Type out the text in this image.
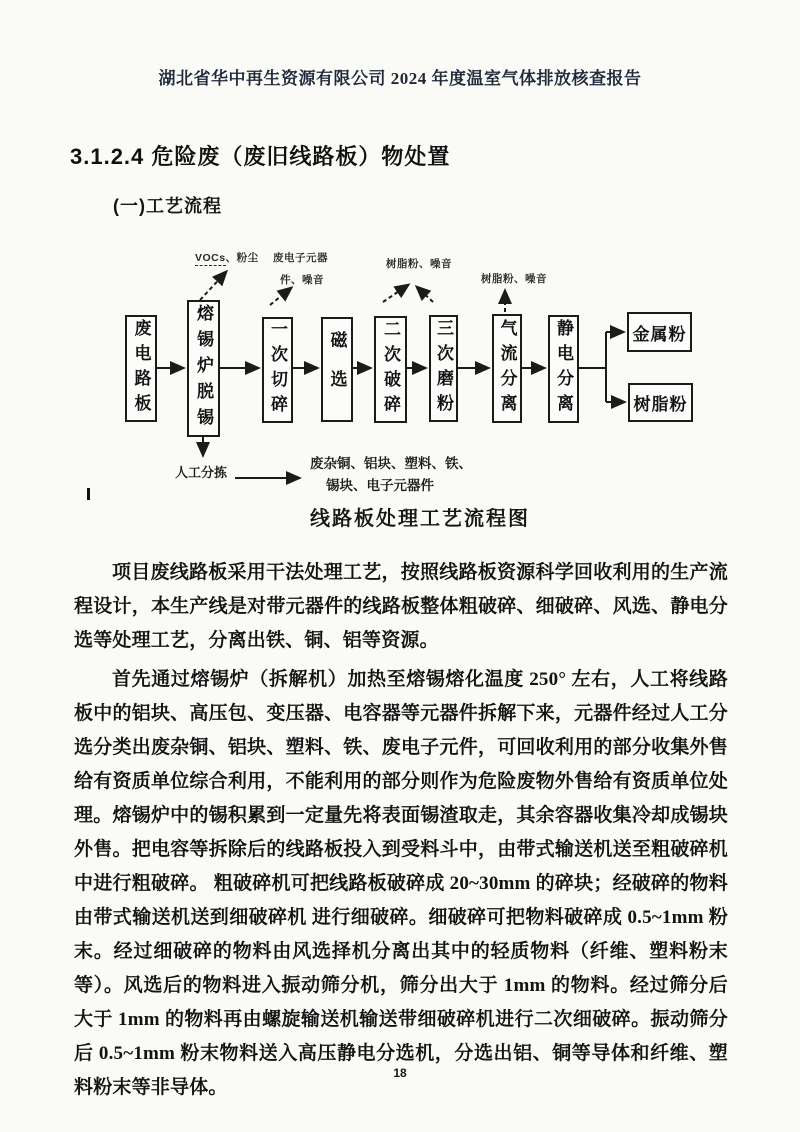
湖北省华中再生资源有限公司 2024 年度温室气体排放核查报告
3.1.2.4 危险废（废旧线路板）物处置
(一)工艺流程
废电路板	熔锡炉脱锡	一次切碎 磁选 二次破碎 三次磨粉	气流分离 静电分离	金属粉
树脂粉
VOCs、粉尘 废电子元器
件、噪音
树脂粉、噪音
树脂粉、噪音
人工分拣
废杂铜、铝块、塑料、铁、
锡块、电子元器件
线路板处理工艺流程图

项目废线路板采用干法处理工艺，按照线路板资源科学回收利用的生产流程设计，本生产线是对带元器件的线路板整体粗破碎、细破碎、风选、静电分选等处理工艺，分离出铁、铜、铝等资源。

首先通过熔锡炉（拆解机）加热至熔锡熔化温度 250° 左右，人工将线路板中的铝块、高压包、变压器、电容器等元器件拆解下来，元器件经过人工分选分类出废杂铜、铝块、塑料、铁、废电子元件，可回收利用的部分收集外售给有资质单位综合利用，不能利用的部分则作为危险废物外售给有资质单位处理。熔锡炉中的锡积累到一定量先将表面锡渣取走，其余容器收集冷却成锡块外售。把电容等拆除后的线路板投入到受料斗中，由带式输送机送至粗破碎机中进行粗破碎。 粗破碎机可把线路板破碎成 20~30mm 的碎块；经破碎的物料由带式输送机送到细破碎机 进行细破碎。细破碎可把物料破碎成 0.5~1mm 粉末。经过细破碎的物料由风选择机分离出其中的轻质物料（纤维、塑料粉末等）。风选后的物料进入振动筛分机，筛分出大于 1mm 的物料。经过筛分后大于 1mm 的物料再由螺旋输送机输送带细破碎机进行二次细破碎。振动筛分后 0.5~1mm 粉末物料送入高压静电分选机，分选出铝、铜等导体和纤维、塑料粉末等非导体。

18
